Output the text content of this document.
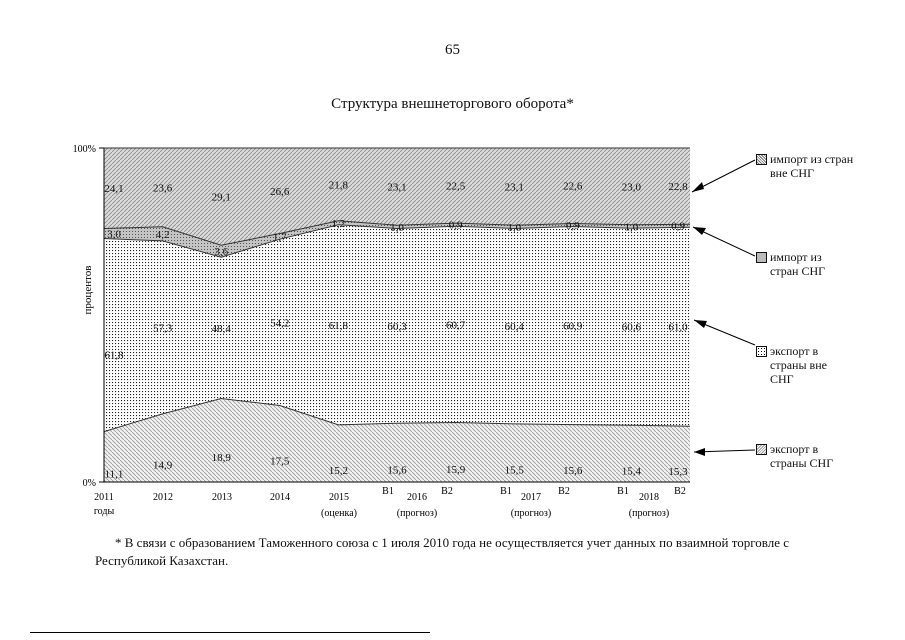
65
Структура внешнеторгового оборота*
100%
0%
процентов
11,1
14,9
18,9	17,5
15,2	15,6	15,9	15,5	15,6	15,4 15,3
61,8
57,3	48,4	54,2	61,8	60,3	60,7	60,4	60,9	60,6 61,0
3,0	4,2
3,6
1,7
1,2	1,0	0,9	1,0	0,9	1,0	0,9
24,1	23,6
29,1	26,6
21,8	23,1	22,5	23,1	22,6	23,0 22,8
2011	2012	2013	2014	2015	2016	2017	2018
В1	В2	В1	В2	В1	В2
годы	(оценка)	(прогноз)	(прогноз)	(прогноз)
импорт из стран вне СНГ
импорт из стран СНГ
экспорт в страны вне СНГ
экспорт в страны СНГ
* В связи с образованием Таможенного союза с 1 июля 2010 года не осуществляется учет данных по взаимной торговле с Республикой Казахстан.
